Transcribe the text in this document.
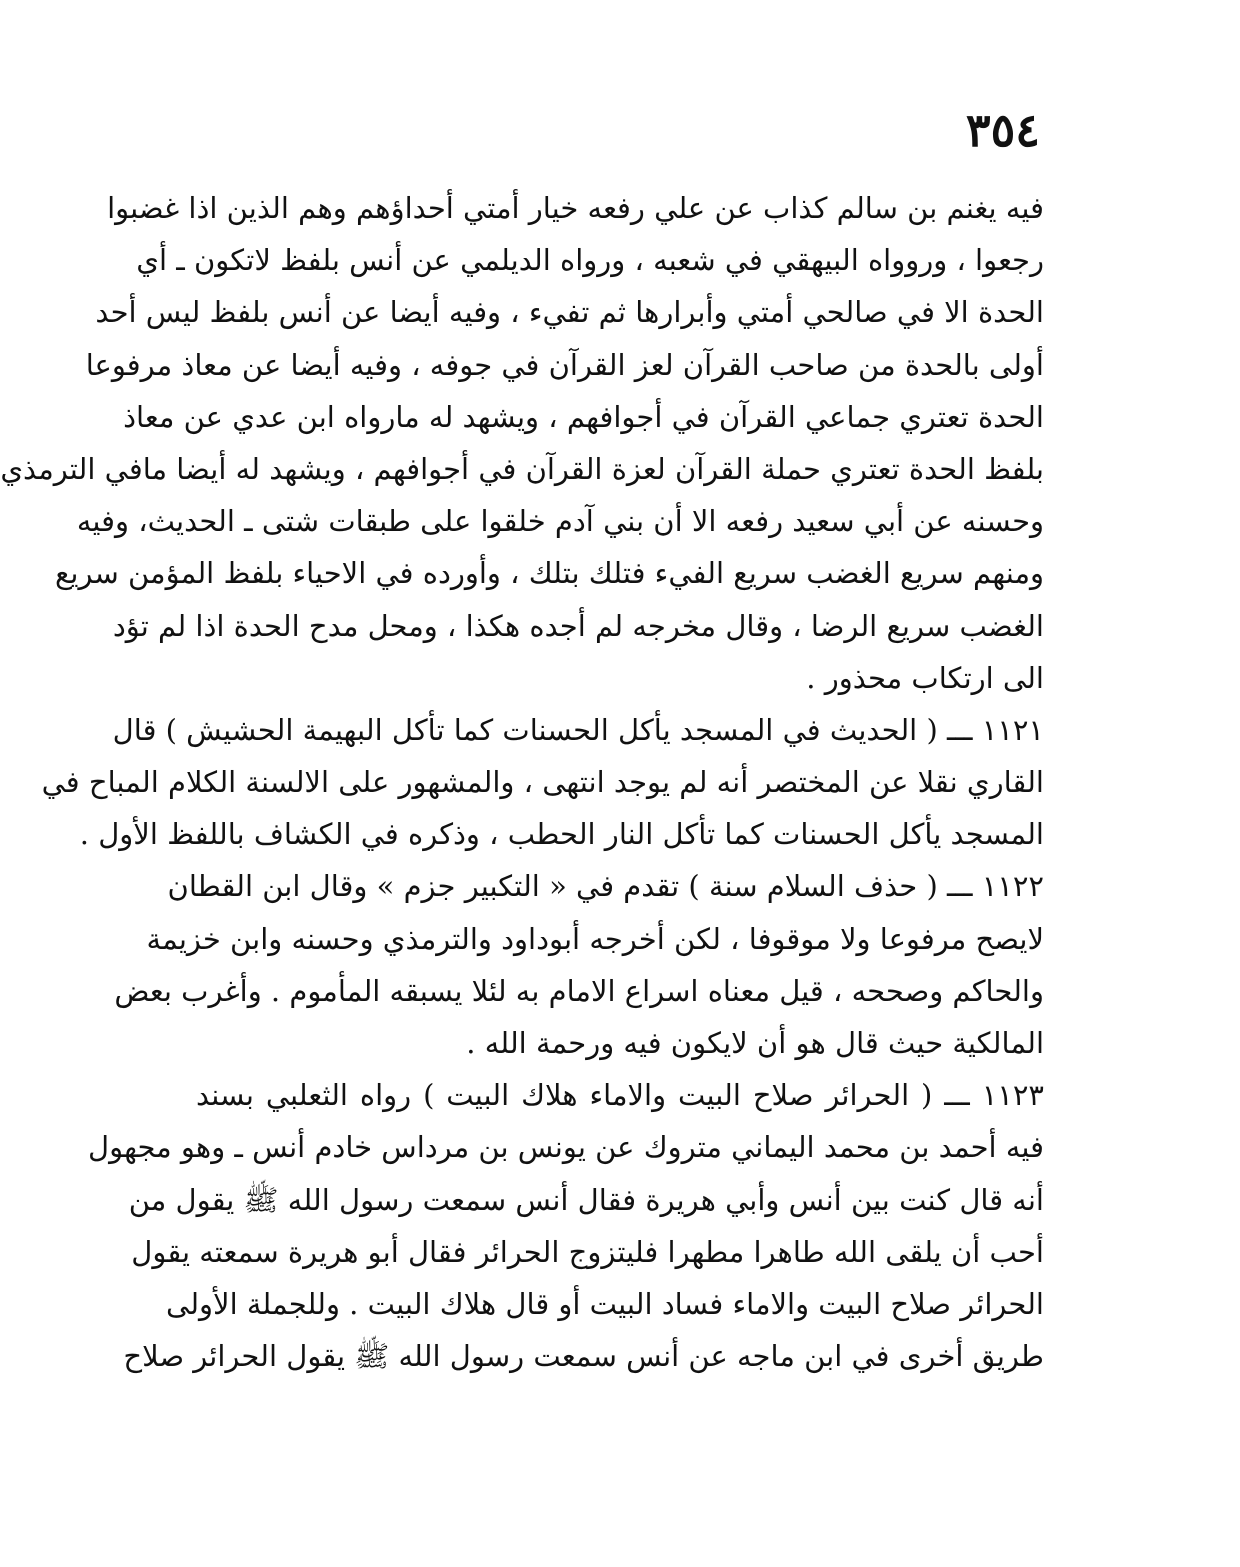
٣٥٤
فيه يغنم بن سالم كذاب عن علي رفعه خيار أمتي أحداؤهم وهم الذين اذا غضبوا
رجعوا ، وروواه البيهقي في شعبه ، ورواه الديلمي عن أنس بلفظ لاتكون ـ أي
الحدة الا في صالحي أمتي وأبرارها ثم تفيء ، وفيه أيضا عن أنس بلفظ ليس أحد
أولى بالحدة من صاحب القرآن لعز القرآن في جوفه ، وفيه أيضا عن معاذ مرفوعا
الحدة تعتري جماعي القرآن في أجوافهم ، ويشهد له مارواه ابن عدي عن معاذ
بلفظ الحدة تعتري حملة القرآن لعزة القرآن في أجوافهم ، ويشهد له أيضا مافي الترمذي
وحسنه عن أبي سعيد رفعه الا أن بني آدم خلقوا على طبقات شتى ـ الحديث، وفيه
ومنهم سريع الغضب سريع الفيء فتلك بتلك ، وأورده في الاحياء بلفظ المؤمن سريع
الغضب سريع الرضا ، وقال مخرجه لم أجده هكذا ، ومحل مدح الحدة اذا لم تؤد
الى ارتكاب محذور .
١١٢١ ـــ ( الحديث في المسجد يأكل الحسنات كما تأكل البهيمة الحشيش ) قال
القاري نقلا عن المختصر أنه لم يوجد انتهى ، والمشهور على الالسنة الكلام المباح في
المسجد يأكل الحسنات كما تأكل النار الحطب ، وذكره في الكشاف باللفظ الأول .
١١٢٢ ـــ ( حذف السلام سنة ) تقدم في « التكبير جزم » وقال ابن القطان
لايصح مرفوعا ولا موقوفا ، لكن أخرجه أبوداود والترمذي وحسنه وابن خزيمة
والحاكم وصححه ، قيل معناه اسراع الامام به لئلا يسبقه المأموم . وأغرب بعض
المالكية حيث قال هو أن لايكون فيه ورحمة الله .
١١٢٣ ـــ ( الحرائر صلاح البيت والاماء هلاك البيت ) رواه الثعلبي بسند
فيه أحمد بن محمد اليماني متروك عن يونس بن مرداس خادم أنس ـ وهو مجهول
أنه قال كنت بين أنس وأبي هريرة فقال أنس سمعت رسول الله ﷺ يقول من
أحب أن يلقى الله طاهرا مطهرا فليتزوج الحرائر فقال أبو هريرة سمعته يقول
الحرائر صلاح البيت والاماء فساد البيت أو قال هلاك البيت . وللجملة الأولى
طريق أخرى في ابن ماجه عن أنس سمعت رسول الله ﷺ يقول الحرائر صلاح
